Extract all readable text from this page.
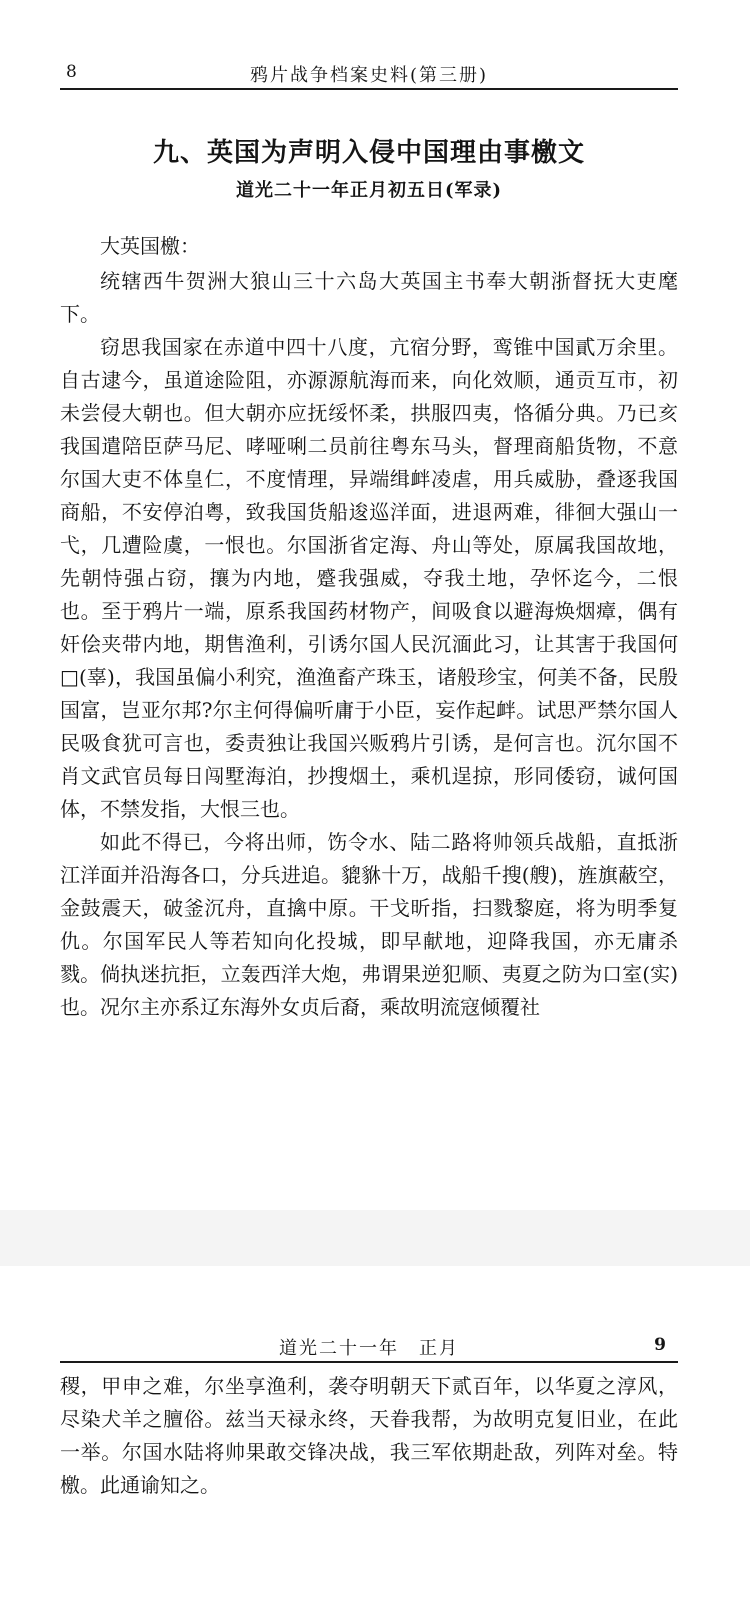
8	鸦片战争档案史料(第三册)
九、英国为声明入侵中国理由事檄文
道光二十一年正月初五日(军录)

大英国檄：

统辖西牛贺洲大狼山三十六岛大英国主书奉大朝浙督抚大吏麾下。

窃思我国家在赤道中四十八度，亢宿分野，鸾锥中国貳万余里。自古逮今，虽道途险阻，亦源源航海而来，向化效顺，通贡互市，初未尝侵大朝也。但大朝亦应抚绥怀柔，拱服四夷，恪循分典。乃已亥我国遣陪臣萨马尼、哮哑唎二员前往粤东马头，督理商船货物，不意尔国大吏不体皇仁，不度情理，异端缉衅凌虐，用兵威胁，叠逐我国商船，不安停泊粤，致我国货船逡巡洋面，进退两难，徘徊大强山一弋，几遭险虞，一恨也。尔国浙省定海、舟山等处，原属我国故地，先朝恃强占窃，攘为内地，蹙我强威，夺我土地，孕怀迄今，二恨也。至于鸦片一端，原系我国药材物产，间吸食以避海焕烟瘴，偶有奸侩夹带内地，期售渔利，引诱尔国人民沉湎此习，让其害于我国何□(辜)，我国虽偏小利究，渔渔畜产珠玉，诸般珍宝，何美不备，民殷国富，岂亚尔邦?尔主何得偏听庸于小臣，妄作起衅。试思严禁尔国人民吸食犹可言也，委责独让我国兴贩鸦片引诱，是何言也。沉尔国不肖文武官员每日闯墅海泊，抄搜烟土，乘机逞掠，形同倭窃，诚何国体，不禁发指，大恨三也。

如此不得已，今将出师，饬令水、陆二路将帅领兵战船，直抵浙江洋面并沿海各口，分兵进追。貔貅十万，战船千搜(艘)，旌旗蔽空，金鼓震天，破釜沉舟，直擒中原。干戈昕指，扫戮黎庭，将为明季复仇。尔国军民人等若知向化投城，即早献地，迎降我国，亦无庸杀戮。倘执迷抗拒，立轰西洋大炮，弗谓果逆犯顺、夷夏之防为口室(实)也。况尔主亦系辽东海外女贞后裔，乘故明流寇倾覆社

道光二十一年　正月	9

稷，甲申之难，尔坐享渔利，袭夺明朝天下贰百年，以华夏之淳风，尽染犬羊之膻俗。兹当天禄永终，天眷我帮，为故明克复旧业，在此一举。尔国水陆将帅果敢交锋决战，我三军依期赴敌，列阵对垒。特檄。此通谕知之。
